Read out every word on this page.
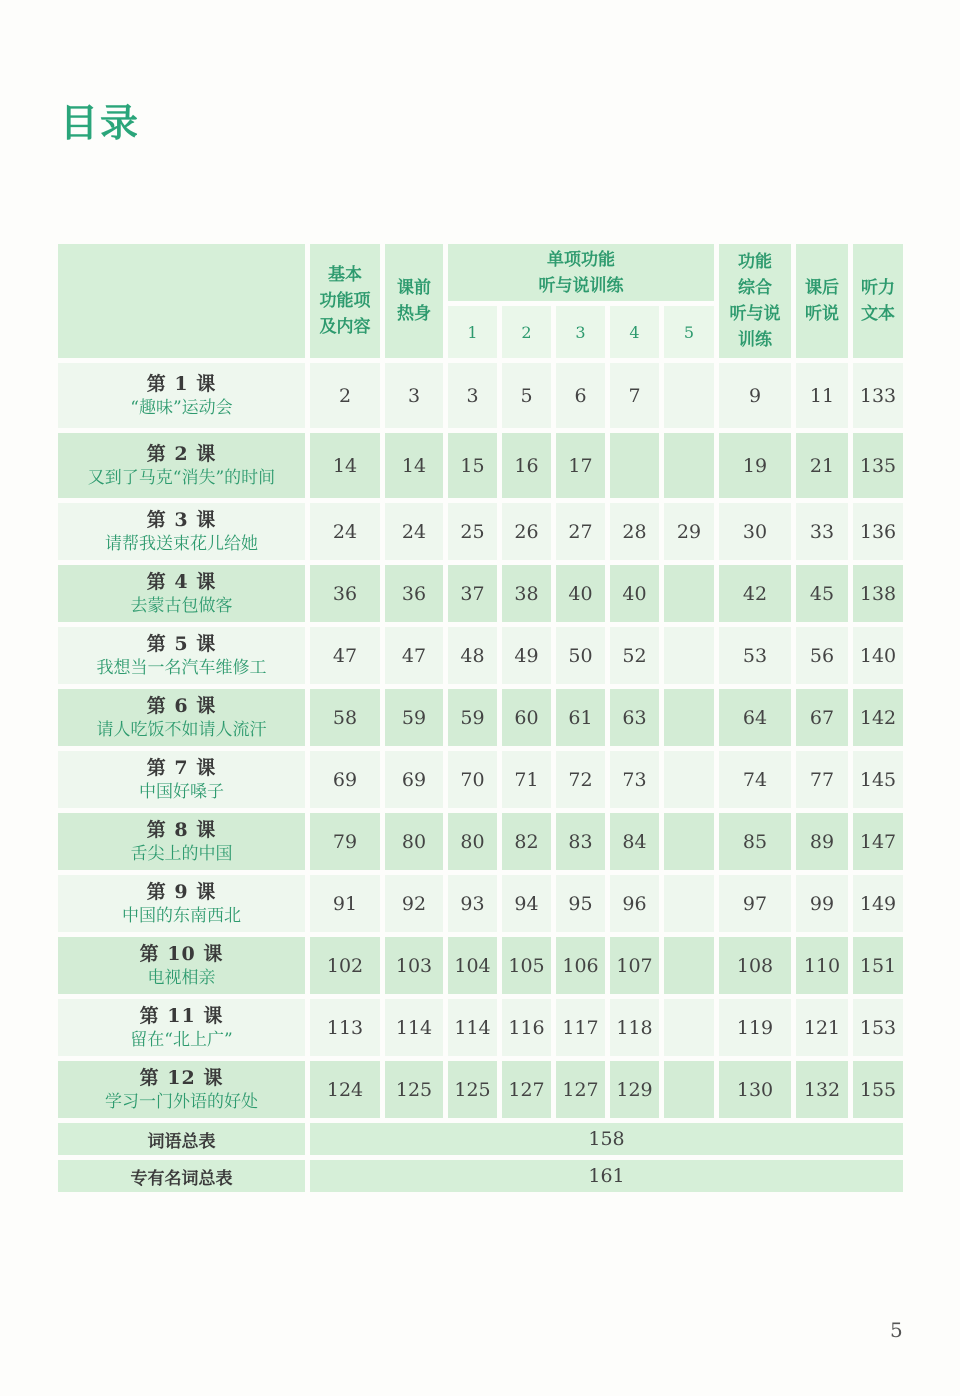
目录
	基本
功能项
及内容	课前
热身	单项功能
听与说训练					功能
综合
听与说
训练	课后
听说	听力
文本
			1	2	3	4	5			

第 1 课
“趣味”运动会	2	3	3	5	6	7		9	11	133

第 2 课
又到了马克“消失”的时间	14	14	15	16	17			19	21	135

第 3 课
请帮我送束花儿给她	24	24	25	26	27	28	29	30	33	136

第 4 课
去蒙古包做客	36	36	37	38	40	40		42	45	138

第 5 课
我想当一名汽车维修工	47	47	48	49	50	52		53	56	140

第 6 课
请人吃饭不如请人流汗	58	59	59	60	61	63		64	67	142

第 7 课
中国好嗓子	69	69	70	71	72	73		74	77	145

第 8 课
舌尖上的中国	79	80	80	82	83	84		85	89	147

第 9 课
中国的东南西北	91	92	93	94	95	96		97	99	149

第 10 课
电视相亲	102	103	104	105	106	107		108	110	151

第 11 课
留在“北上广”	113	114	114	116	117	118		119	121	153

第 12 课
学习一门外语的好处	124	125	125	127	127	129		130	132	155
词语总表	158									
专有名词总表	161									
5
